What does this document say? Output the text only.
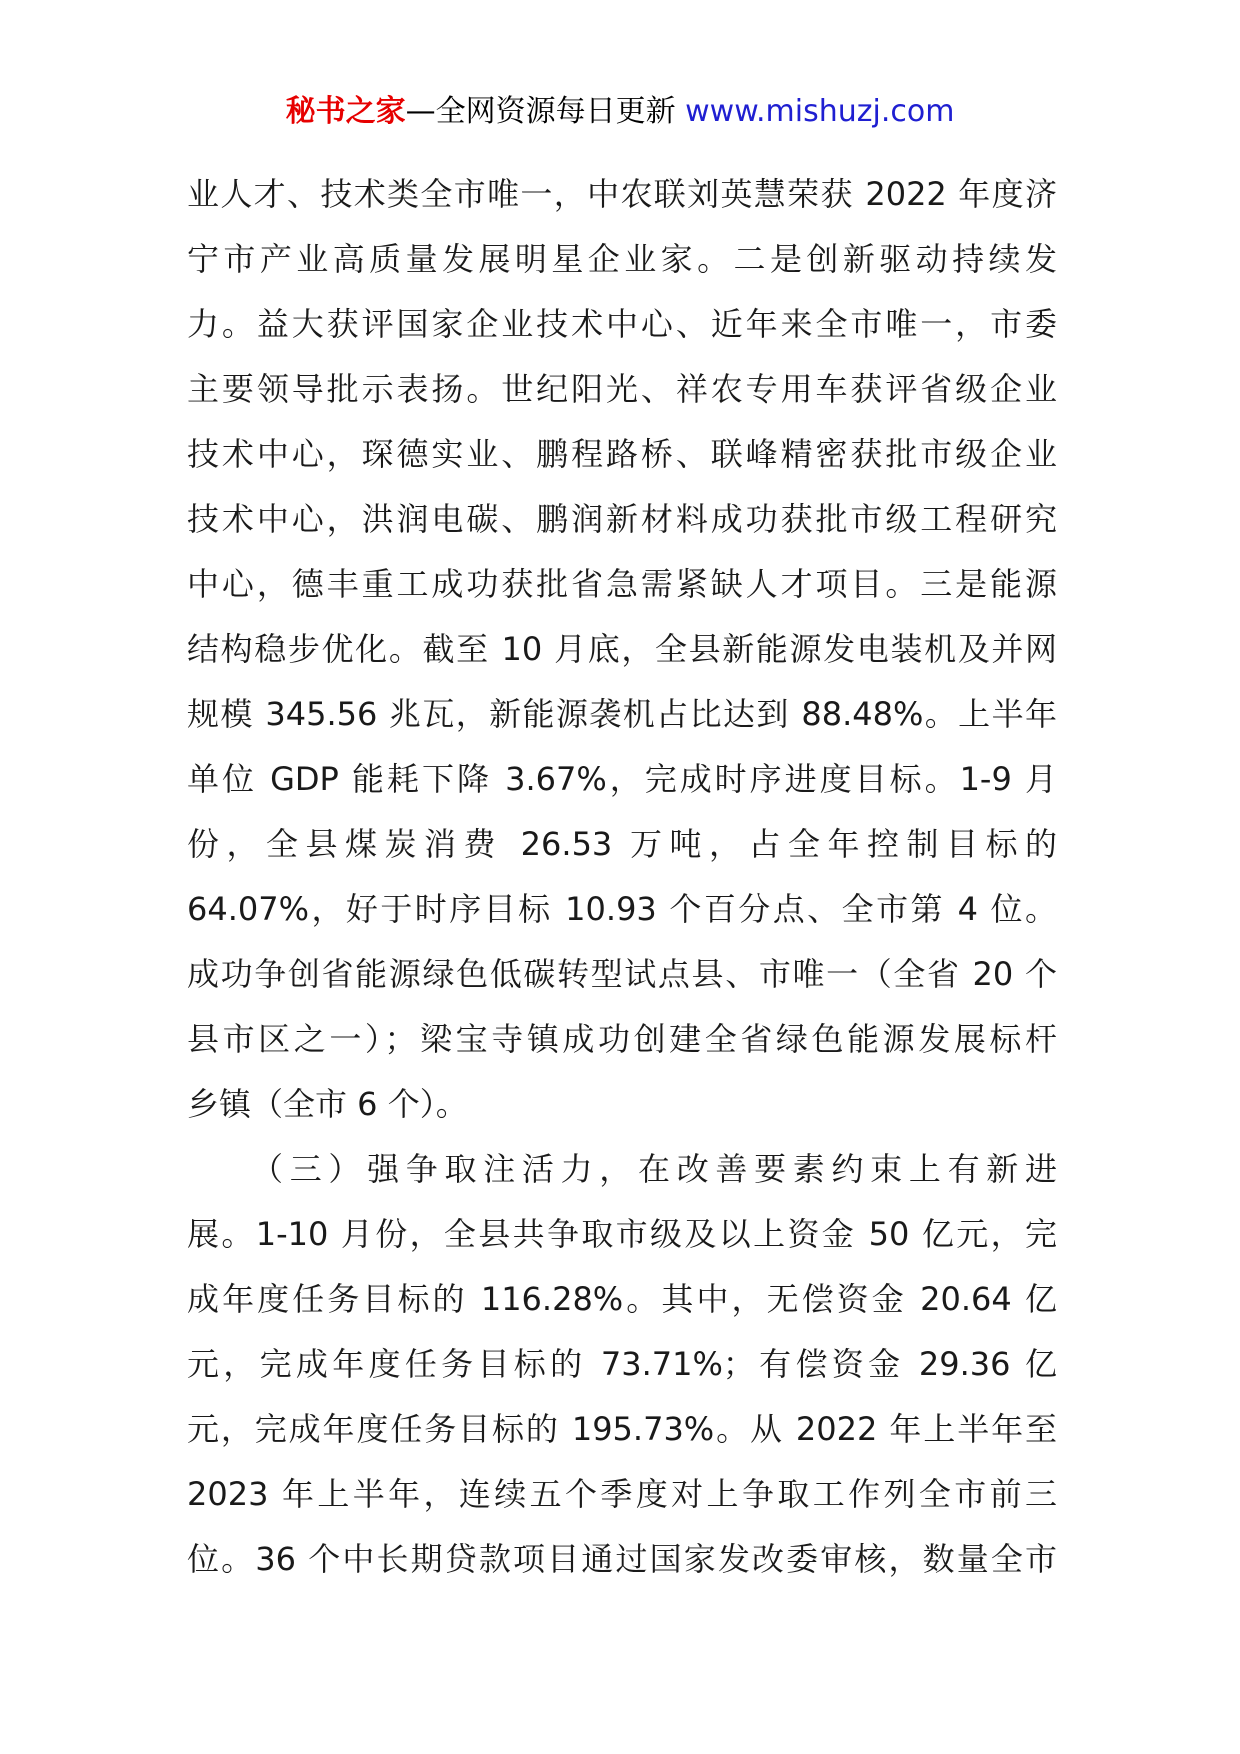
秘书之家—全网资源每日更新 www.mishuzj.com
业人才、技术类全市唯一，中农联刘英慧荣获 2022 年度济
宁市产业高质量发展明星企业家。二是创新驱动持续发
力。益大获评国家企业技术中心、近年来全市唯一，市委
主要领导批示表扬。世纪阳光、祥农专用车获评省级企业
技术中心，琛德实业、鹏程路桥、联峰精密获批市级企业
技术中心，洪润电碳、鹏润新材料成功获批市级工程研究
中心，德丰重工成功获批省急需紧缺人才项目。三是能源
结构稳步优化。截至 10 月底，全县新能源发电装机及并网
规模 345.56 兆瓦，新能源袭机占比达到 88.48%。上半年
单位 GDP 能耗下降 3.67%，完成时序进度目标。1-9 月
份，全县煤炭消费 26.53 万吨，占全年控制目标的
64.07%，好于时序目标 10.93 个百分点、全市第 4 位。
成功争创省能源绿色低碳转型试点县、市唯一（全省 20 个
县市区之一）；梁宝寺镇成功创建全省绿色能源发展标杆
乡镇（全市 6 个）。
（三）强争取注活力，在改善要素约束上有新进
展。1-10 月份，全县共争取市级及以上资金 50 亿元，完
成年度任务目标的 116.28%。其中，无偿资金 20.64 亿
元，完成年度任务目标的 73.71%；有偿资金 29.36 亿
元，完成年度任务目标的 195.73%。从 2022 年上半年至
2023 年上半年，连续五个季度对上争取工作列全市前三
位。36 个中长期贷款项目通过国家发改委审核，数量全市
